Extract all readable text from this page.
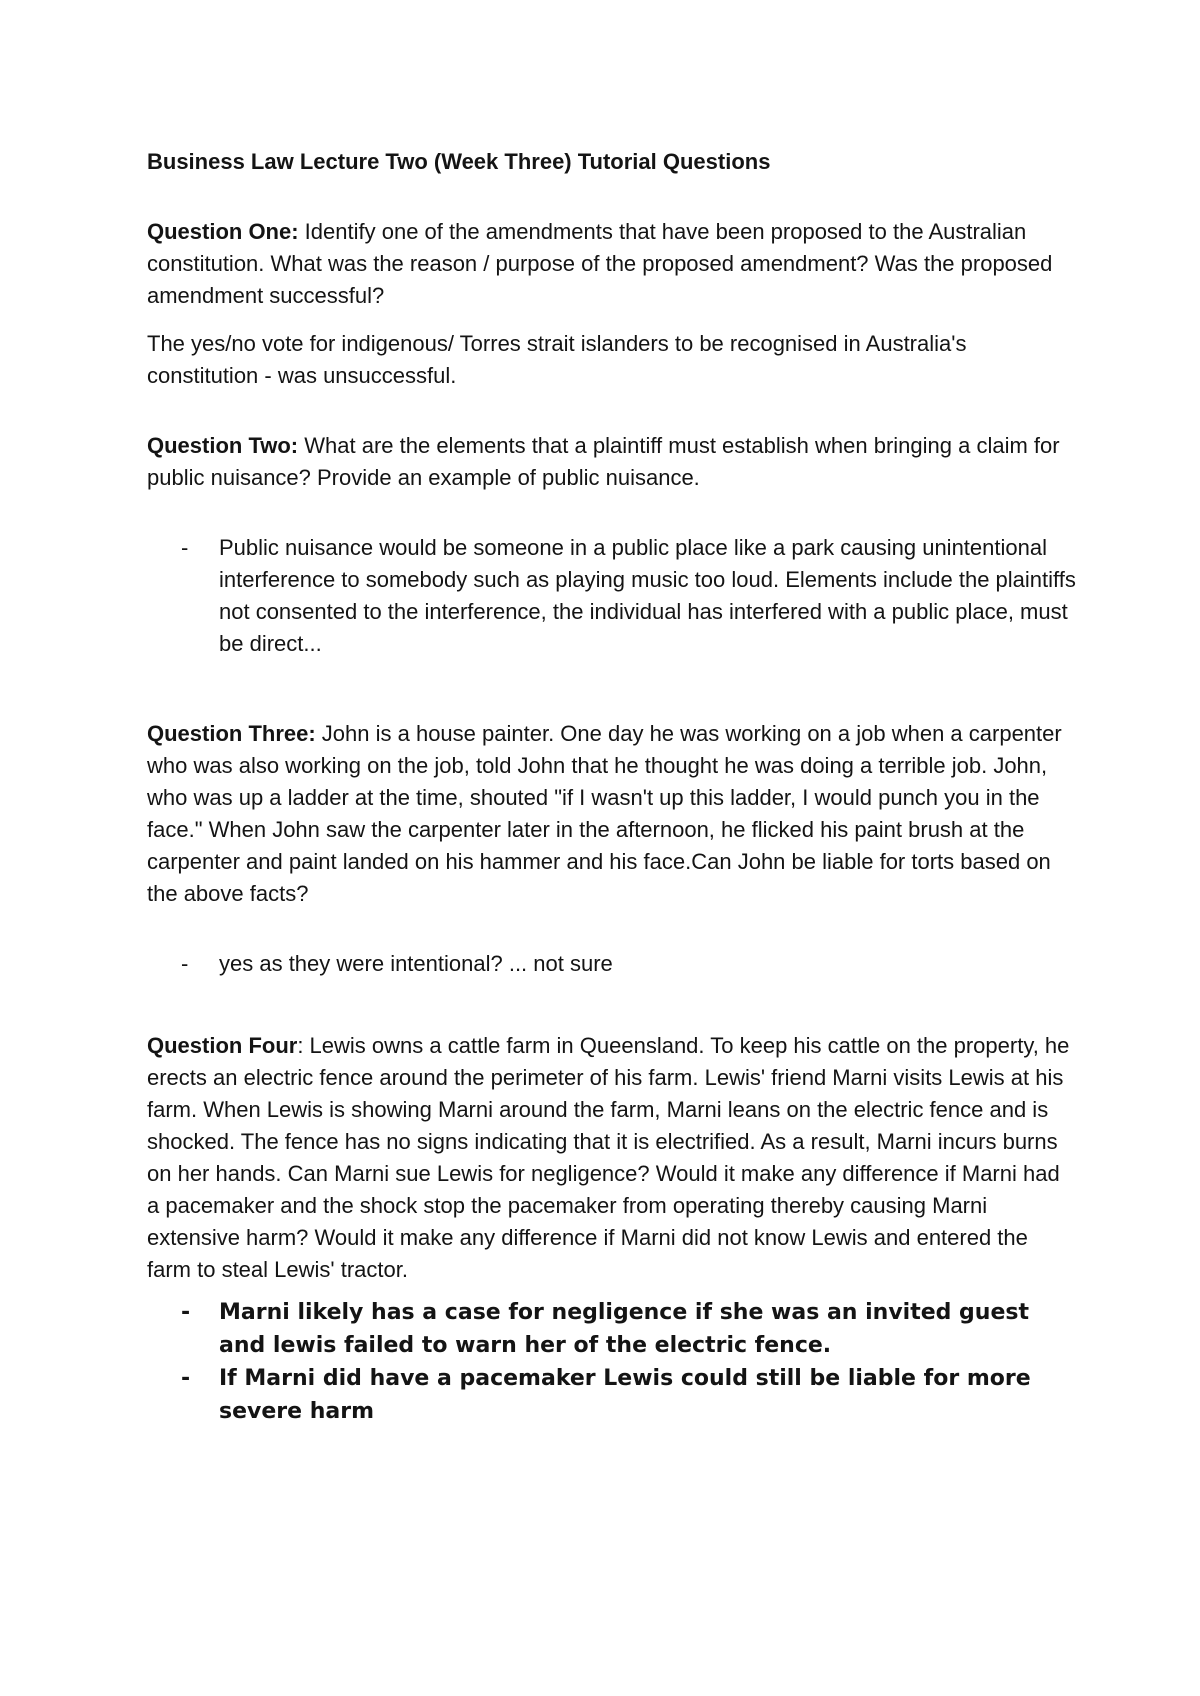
Business Law Lecture Two (Week Three) Tutorial Questions

Question One: Identify one of the amendments that have been proposed to the Australian constitution. What was the reason / purpose of the proposed amendment? Was the proposed amendment successful?

The yes/no vote for indigenous/ Torres strait islanders to be recognised in Australia's constitution - was unsuccessful.

Question Two: What are the elements that a plaintiff must establish when bringing a claim for public nuisance? Provide an example of public nuisance.

- Public nuisance would be someone in a public place like a park causing unintentional interference to somebody such as playing music too loud. Elements include the plaintiffs not consented to the interference, the individual has interfered with a public place, must be direct...

Question Three: John is a house painter. One day he was working on a job when a carpenter who was also working on the job, told John that he thought he was doing a terrible job. John, who was up a ladder at the time, shouted "if I wasn't up this ladder, I would punch you in the face." When John saw the carpenter later in the afternoon, he flicked his paint brush at the carpenter and paint landed on his hammer and his face.Can John be liable for torts based on the above facts?

- yes as they were intentional? ... not sure

Question Four: Lewis owns a cattle farm in Queensland. To keep his cattle on the property, he erects an electric fence around the perimeter of his farm. Lewis' friend Marni visits Lewis at his farm. When Lewis is showing Marni around the farm, Marni leans on the electric fence and is shocked. The fence has no signs indicating that it is electrified. As a result, Marni incurs burns on her hands. Can Marni sue Lewis for negligence? Would it make any difference if Marni had a pacemaker and the shock stop the pacemaker from operating thereby causing Marni extensive harm? Would it make any difference if Marni did not know Lewis and entered the farm to steal Lewis' tractor.

- Marni likely has a case for negligence if she was an invited guest and lewis failed to warn her of the electric fence.
- If Marni did have a pacemaker Lewis could still be liable for more severe harm
